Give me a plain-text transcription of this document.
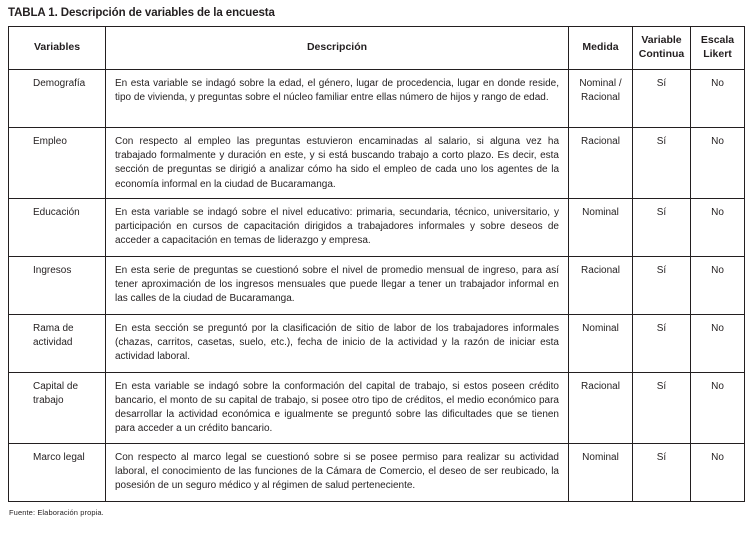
TABLA 1. Descripción de variables de la encuesta
Variables	Descripción	Medida	Variable Continua	Escala Likert
Demografía	En esta variable se indagó sobre la edad, el género, lugar de procedencia, lugar en donde reside, tipo de vivienda, y preguntas sobre el núcleo familiar entre ellas número de hijos y rango de edad.	Nominal / Racional	Sí	No
Empleo	Con respecto al empleo las preguntas estuvieron encaminadas al salario, si alguna vez ha trabajado formalmente y duración en este, y si está buscando trabajo a corto plazo. Es decir, esta sección de preguntas se dirigió a analizar cómo ha sido el empleo de cada uno los agentes de la economía informal en la ciudad de Bucaramanga.	Racional	Sí	No
Educación	En esta variable se indagó sobre el nivel educativo: primaria, secundaria, técnico, universitario, y participación en cursos de capacitación dirigidos a trabajadores informales y sobre deseos de acceder a capacitación en temas de liderazgo y empresa.	Nominal	Sí	No
Ingresos	En esta serie de preguntas se cuestionó sobre el nivel de promedio mensual de ingreso, para así tener aproximación de los ingresos mensuales que puede llegar a tener un trabajador informal en las calles de la ciudad de Bucaramanga.	Racional	Sí	No
Rama de actividad	En esta sección se preguntó por la clasificación de sitio de labor de los trabajadores informales (chazas, carritos, casetas, suelo, etc.), fecha de inicio de la actividad y la razón de iniciar esta actividad laboral.	Nominal	Sí	No
Capital de trabajo	En esta variable se indagó sobre la conformación del capital de trabajo, si estos poseen crédito bancario, el monto de su capital de trabajo, si posee otro tipo de créditos, el medio económico para desarrollar la actividad económica e igualmente se preguntó sobre las dificultades que se tienen para acceder a un crédito bancario.	Racional	Sí	No
Marco legal	Con respecto al marco legal se cuestionó sobre si se posee permiso para realizar su actividad laboral, el conocimiento de las funciones de la Cámara de Comercio, el deseo de ser reubicado, la posesión de un seguro médico y al régimen de salud perteneciente.	Nominal	Sí	No
Fuente: Elaboración propia.
